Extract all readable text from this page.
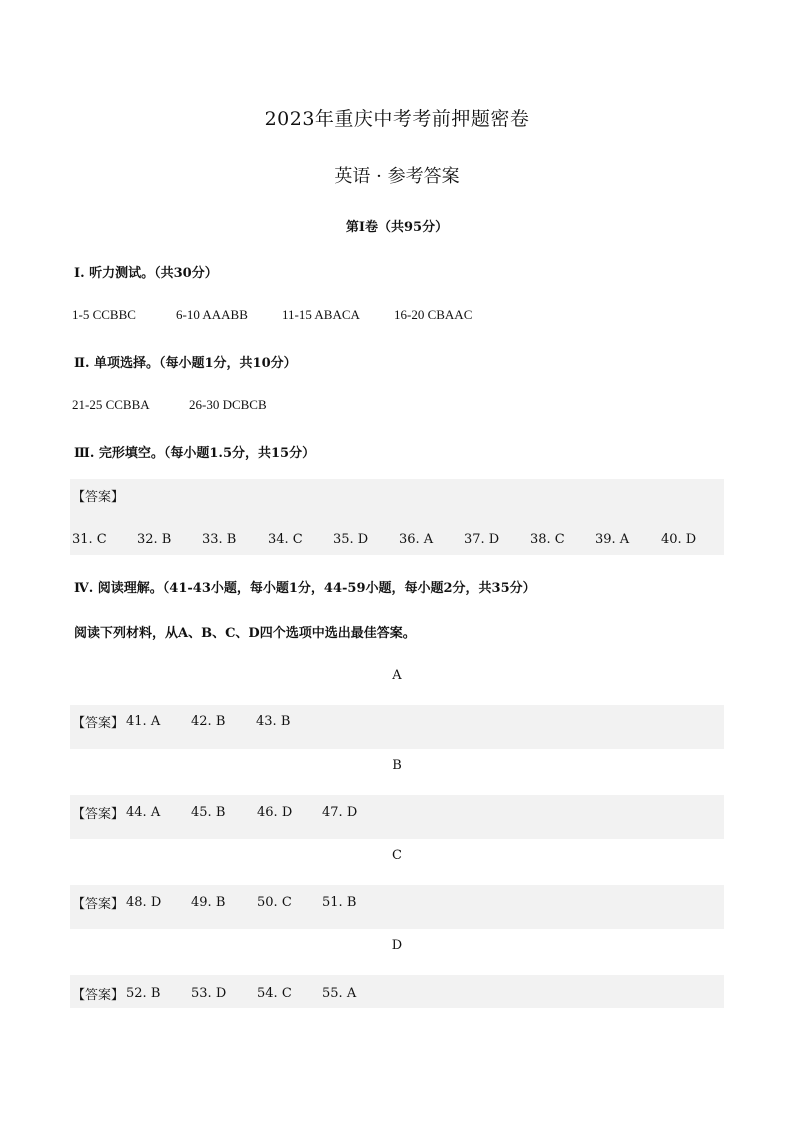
2023年重庆中考考前押题密卷
英语 · 参考答案
第Ⅰ卷（共95分）
Ⅰ. 听力测试。（共30分）
1-5 CCBBC	6-10 AAABB	11-15 ABACA	16-20 CBAAC
Ⅱ. 单项选择。（每小题1分，共10分）
21-25 CCBBA	26-30 DCBCB
Ⅲ. 完形填空。（每小题1.5分，共15分）
【答案】
31. C	32. B	33. B	34. C	35. D	36. A	37. D	38. C	39. A	40. D
Ⅳ. 阅读理解。（41-43小题，每小题1分，44-59小题，每小题2分，共35分）
阅读下列材料，从A、B、C、D四个选项中选出最佳答案。
A
【答案】 41. A	42. B	43. B
B
【答案】 44. A	45. B	46. D	47. D
C
【答案】 48. D	49. B	50. C	51. B
D
【答案】 52. B	53. D	54. C	55. A
